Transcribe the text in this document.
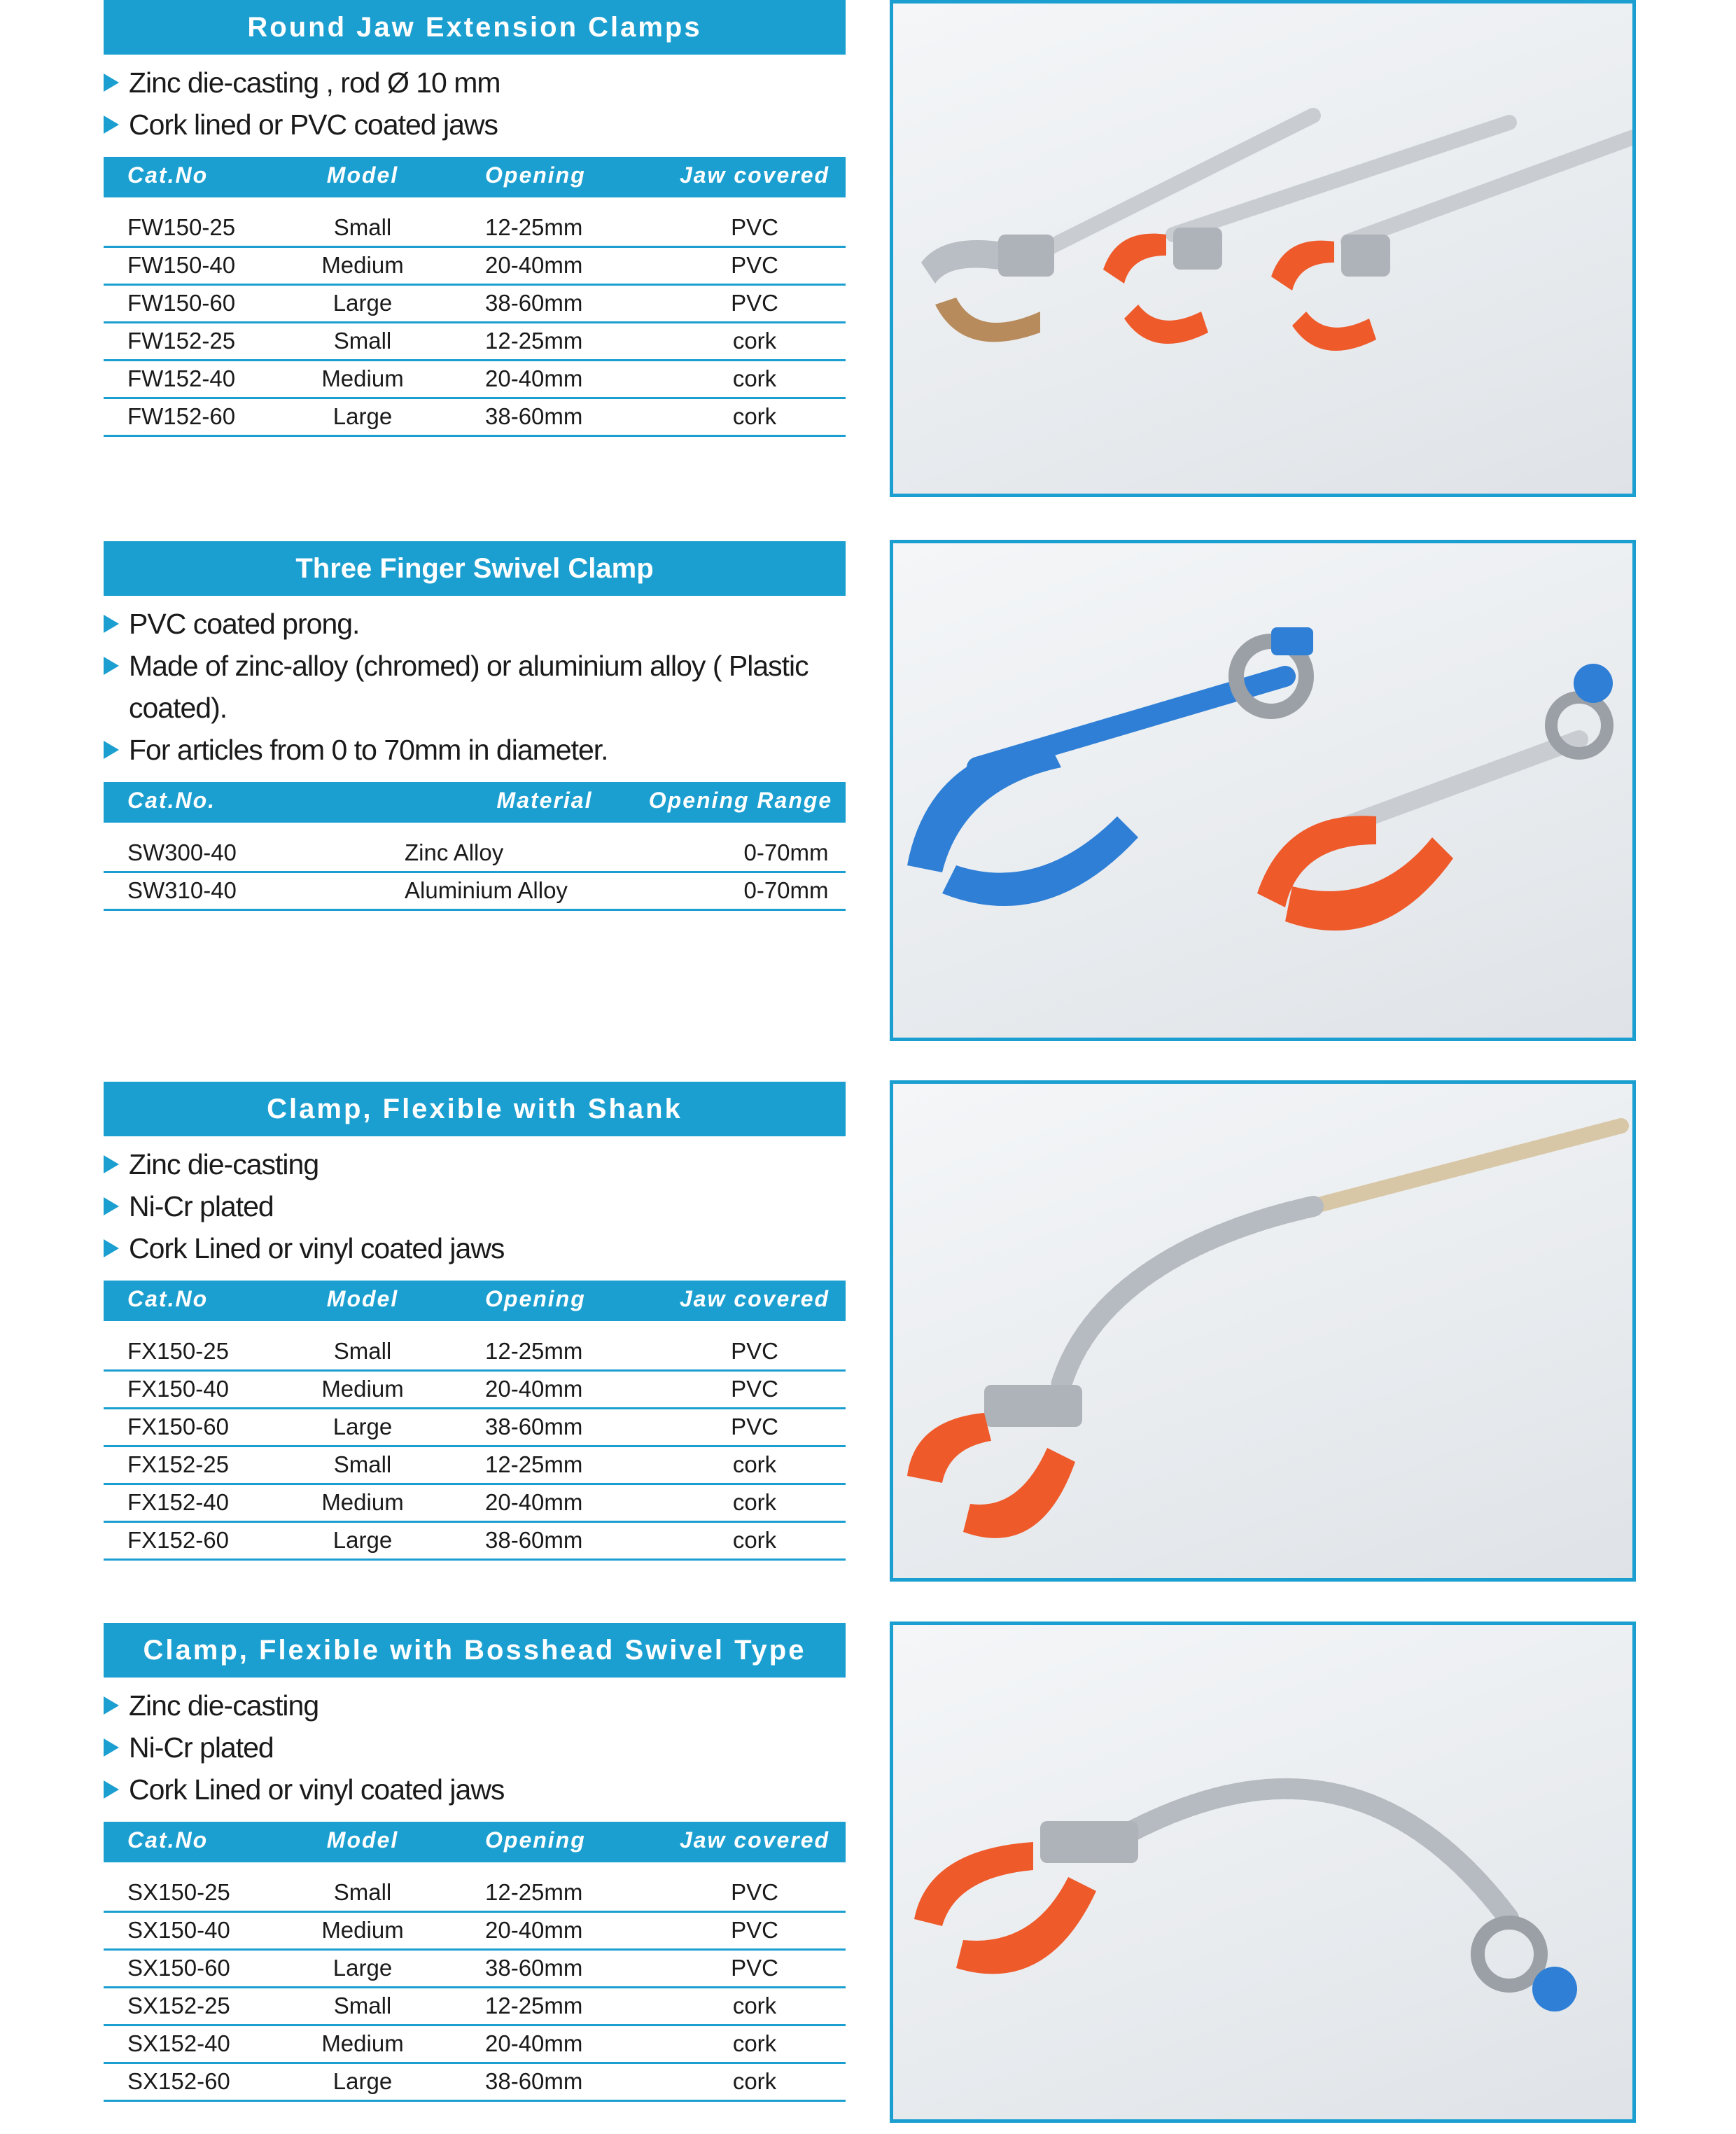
Round Jaw Extension Clamps
Zinc die-casting , rod Ø 10 mm
Cork lined or PVC coated jaws
Cat.No	Model	Opening	Jaw covered
FW150-25	Small	12-25mm	PVC
FW150-40	Medium	20-40mm	PVC
FW150-60	Large	38-60mm	PVC
FW152-25	Small	12-25mm	cork
FW152-40	Medium	20-40mm	cork
FW152-60	Large	38-60mm	cork
Three Finger Swivel Clamp
PVC coated prong.
Made of zinc-alloy (chromed) or aluminium alloy ( Plastic
coated).
For articles from 0 to 70mm in diameter.
Cat.No.	Material	Opening Range
SW300-40	Zinc Alloy	0-70mm
SW310-40	Aluminium Alloy	0-70mm
Clamp, Flexible with Shank
Zinc die-casting
Ni-Cr plated
Cork Lined or vinyl coated jaws
Cat.No	Model	Opening	Jaw covered
FX150-25	Small	12-25mm	PVC
FX150-40	Medium	20-40mm	PVC
FX150-60	Large	38-60mm	PVC
FX152-25	Small	12-25mm	cork
FX152-40	Medium	20-40mm	cork
FX152-60	Large	38-60mm	cork
Clamp, Flexible with Bosshead Swivel Type
Zinc die-casting
Ni-Cr plated
Cork Lined or vinyl coated jaws
Cat.No	Model	Opening	Jaw covered
SX150-25	Small	12-25mm	PVC
SX150-40	Medium	20-40mm	PVC
SX150-60	Large	38-60mm	PVC
SX152-25	Small	12-25mm	cork
SX152-40	Medium	20-40mm	cork
SX152-60	Large	38-60mm	cork
